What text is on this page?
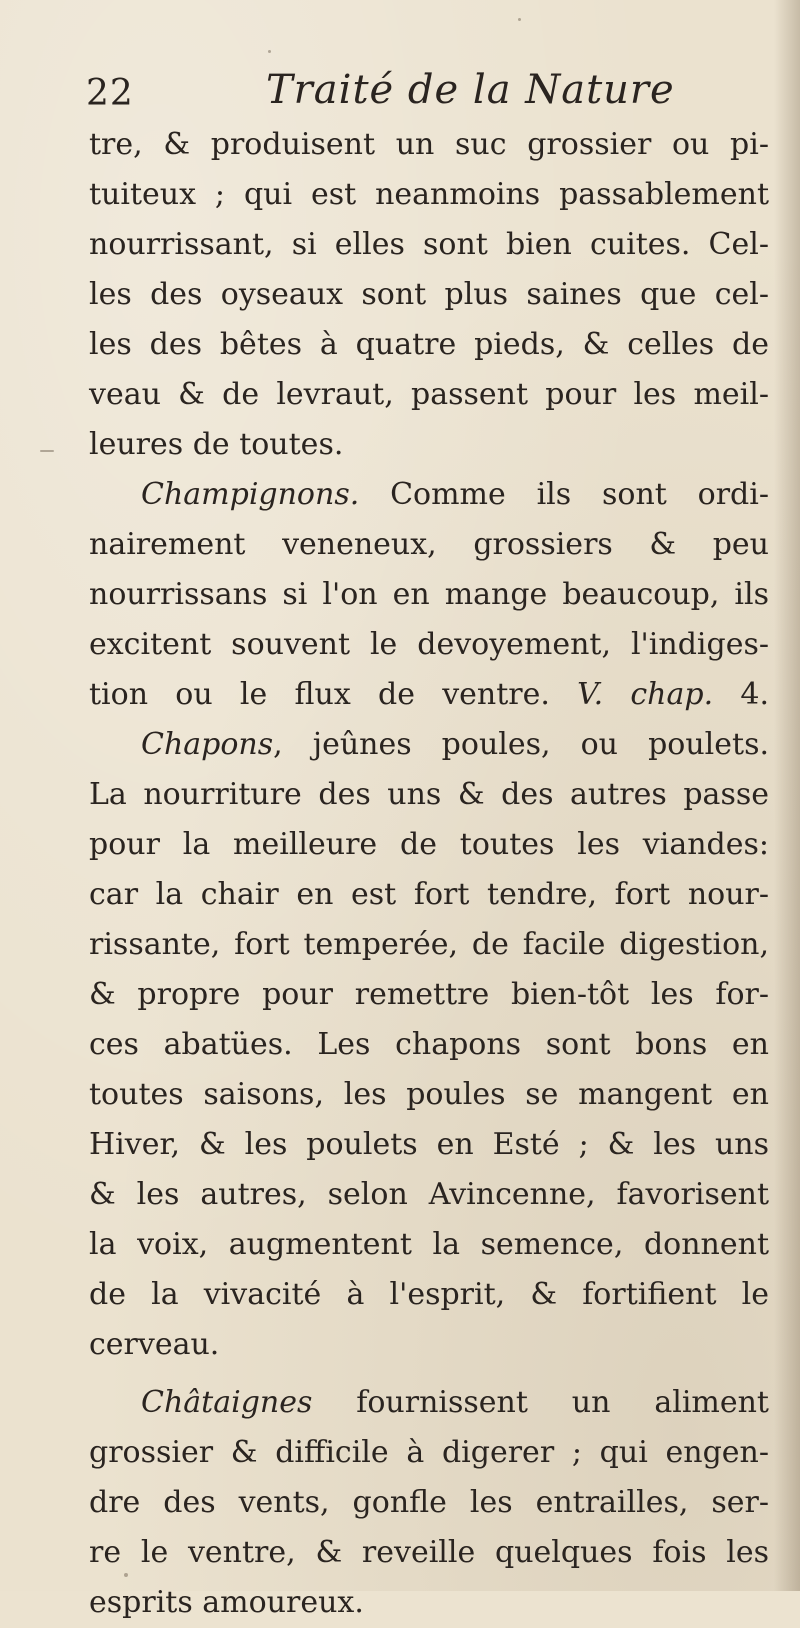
22	Traité de la Nature
tre, & produisent un suc grossier ou pi-
tuiteux ; qui est neanmoins passablement
nourrissant, si elles sont bien cuites. Cel-
les des oyseaux sont plus saines que cel-
les des bêtes à quatre pieds, & celles de
veau & de levraut, passent pour les meil-
leures de toutes.
Champignons. Comme ils sont ordi-
nairement veneneux, grossiers & peu
nourrissans si l'on en mange beaucoup, ils
excitent souvent le devoyement, l'indiges-
tion ou le flux de ventre. V. chap. 4.
Chapons, jeûnes poules, ou poulets.
La nourriture des uns & des autres passe
pour la meilleure de toutes les viandes:
car la chair en est fort tendre, fort nour-
rissante, fort temperée, de facile digestion,
& propre pour remettre bien-tôt les for-
ces abatües. Les chapons sont bons en
toutes saisons, les poules se mangent en
Hiver, & les poulets en Esté ; & les uns
& les autres, selon Avincenne, favorisent
la voix, augmentent la semence, donnent
de la vivacité à l'esprit, & fortifient le
cerveau.
Châtaignes fournissent un aliment
grossier & difficile à digerer ; qui engen-
dre des vents, gonfle les entrailles, ser-
re le ventre, & reveille quelques fois les
esprits amoureux.
